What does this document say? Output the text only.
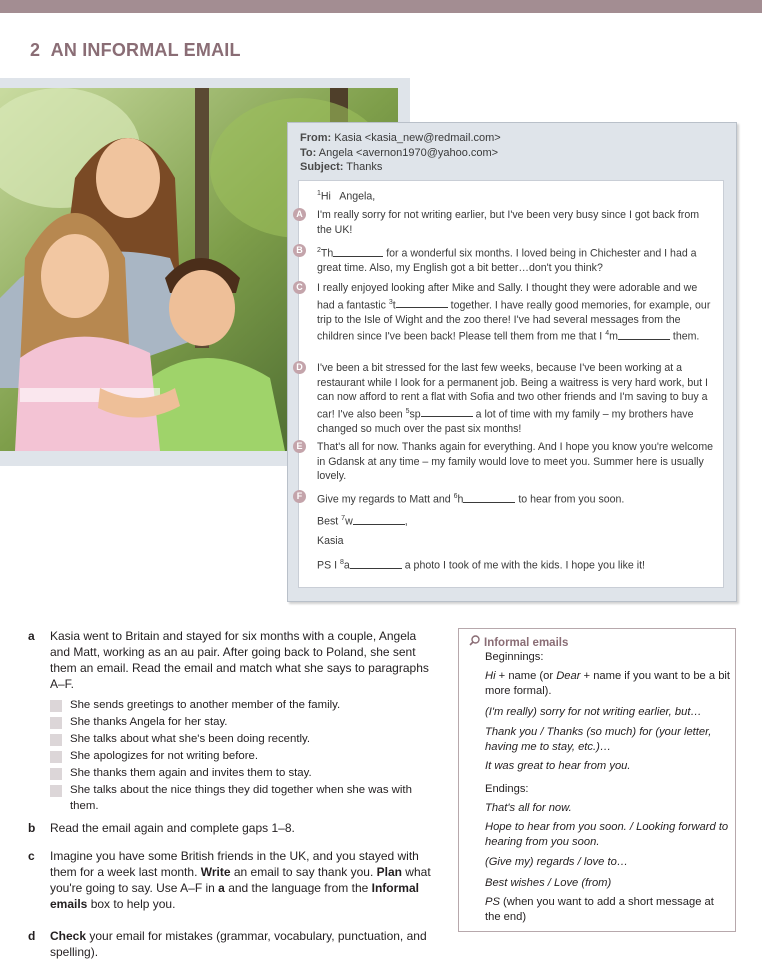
2 AN INFORMAL EMAIL
From: Kasia <kasia_new@redmail.com>
To: Angela <avernon1970@yahoo.com>
Subject: Thanks
$^1$Hi Angela,
A	I'm really sorry for not writing earlier, but I've been very busy since I got back from the UK!
B	$^2$Th	for a wonderful six months. I loved being in Chichester and I had a great time. Also, my English got a bit better…don't you think?
C	I really enjoyed looking after Mike and Sally. I thought they were adorable and we had a fantastic $^3$t	together. I have really good memories, for example, our trip to the Isle of Wight and the zoo there! I've had several messages from the children since I've been back! Please tell them from me that I $^4$m	them.
D	I've been a bit stressed for the last few weeks, because I've been working at a restaurant while I look for a permanent job. Being a waitress is very hard work, but I can now afford to rent a flat with Sofia and two other friends and I'm saving to buy a car! I've also been $^5$sp	a lot of time with my family – my brothers have changed so much over the past six months!
E	That's all for now. Thanks again for everything. And I hope you know you're welcome in Gdansk at any time – my family would love to meet you. Summer here is usually lovely.
F	Give my regards to Matt and $^6$h	to hear from you soon.
Best $^7$w	,
Kasia
PS I $^8$a	a photo I took of me with the kids. I hope you like it!
a	Kasia went to Britain and stayed for six months with a couple, Angela and Matt, working as an au pair. After going back to Poland, she sent them an email. Read the email and match what she says to paragraphs A–F.
She sends greetings to another member of the family.
She thanks Angela for her stay.
She talks about what she's been doing recently.
She apologizes for not writing before.
She thanks them again and invites them to stay.
She talks about the nice things they did together when she was with them.
b	Read the email again and complete gaps 1–8.
c	Imagine you have some British friends in the UK, and you stayed with them for a week last month. Write an email to say thank you. Plan what you're going to say. Use A–F in a and the language from the Informal emails box to help you.
d	Check your email for mistakes (grammar, vocabulary, punctuation, and spelling).
Informal emails
Beginnings:
Hi + name (or Dear + name if you want to be a bit more formal).
(I'm really) sorry for not writing earlier, but…
Thank you / Thanks (so much) for (your letter, having me to stay, etc.)…
It was great to hear from you.
Endings:
That's all for now.
Hope to hear from you soon. / Looking forward to hearing from you soon.
(Give my) regards / love to…
Best wishes / Love (from)
PS (when you want to add a short message at the end)
